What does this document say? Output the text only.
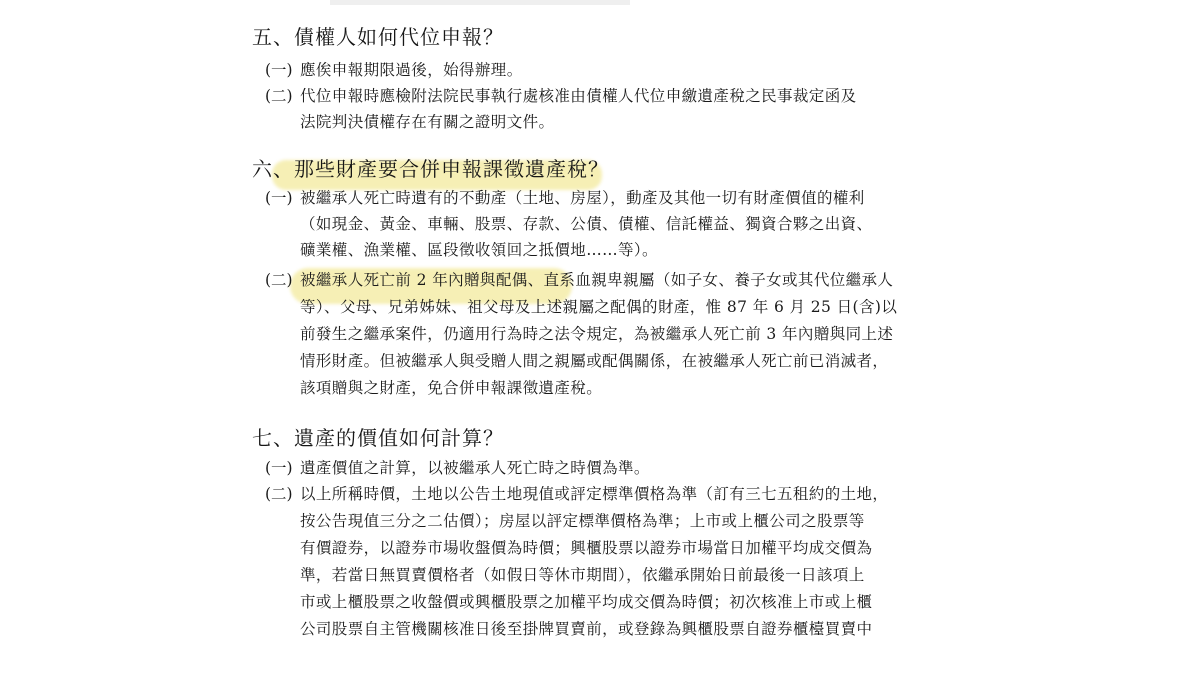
五、債權人如何代位申報？
(一) 應俟申報期限過後，始得辦理。
(二) 代位申報時應檢附法院民事執行處核准由債權人代位申繳遺產稅之民事裁定函及
法院判決債權存在有關之證明文件。
六、那些財產要合併申報課徵遺產稅？
(一) 被繼承人死亡時遺有的不動產（土地、房屋），動產及其他一切有財產價值的權利
（如現金、黃金、車輛、股票、存款、公債、債權、信託權益、獨資合夥之出資、
礦業權、漁業權、區段徵收領回之抵價地……等）。
(二) 被繼承人死亡前 2 年內贈與配偶、直系血親卑親屬（如子女、養子女或其代位繼承人
等）、父母、兄弟姊妹、祖父母及上述親屬之配偶的財產，惟 87 年 6 月 25 日(含)以
前發生之繼承案件，仍適用行為時之法令規定，為被繼承人死亡前 3 年內贈與同上述
情形財產。但被繼承人與受贈人間之親屬或配偶關係，在被繼承人死亡前已消滅者，
該項贈與之財產，免合併申報課徵遺產稅。
七、遺產的價值如何計算？
(一) 遺產價值之計算，以被繼承人死亡時之時價為準。
(二) 以上所稱時價，土地以公告土地現值或評定標準價格為準（訂有三七五租約的土地，
按公告現值三分之二估價）；房屋以評定標準價格為準；上市或上櫃公司之股票等
有價證券，以證券市場收盤價為時價；興櫃股票以證券市場當日加權平均成交價為
準，若當日無買賣價格者（如假日等休市期間），依繼承開始日前最後一日該項上
市或上櫃股票之收盤價或興櫃股票之加權平均成交價為時價；初次核准上市或上櫃
公司股票自主管機關核准日後至掛牌買賣前，或登錄為興櫃股票自證券櫃檯買賣中
